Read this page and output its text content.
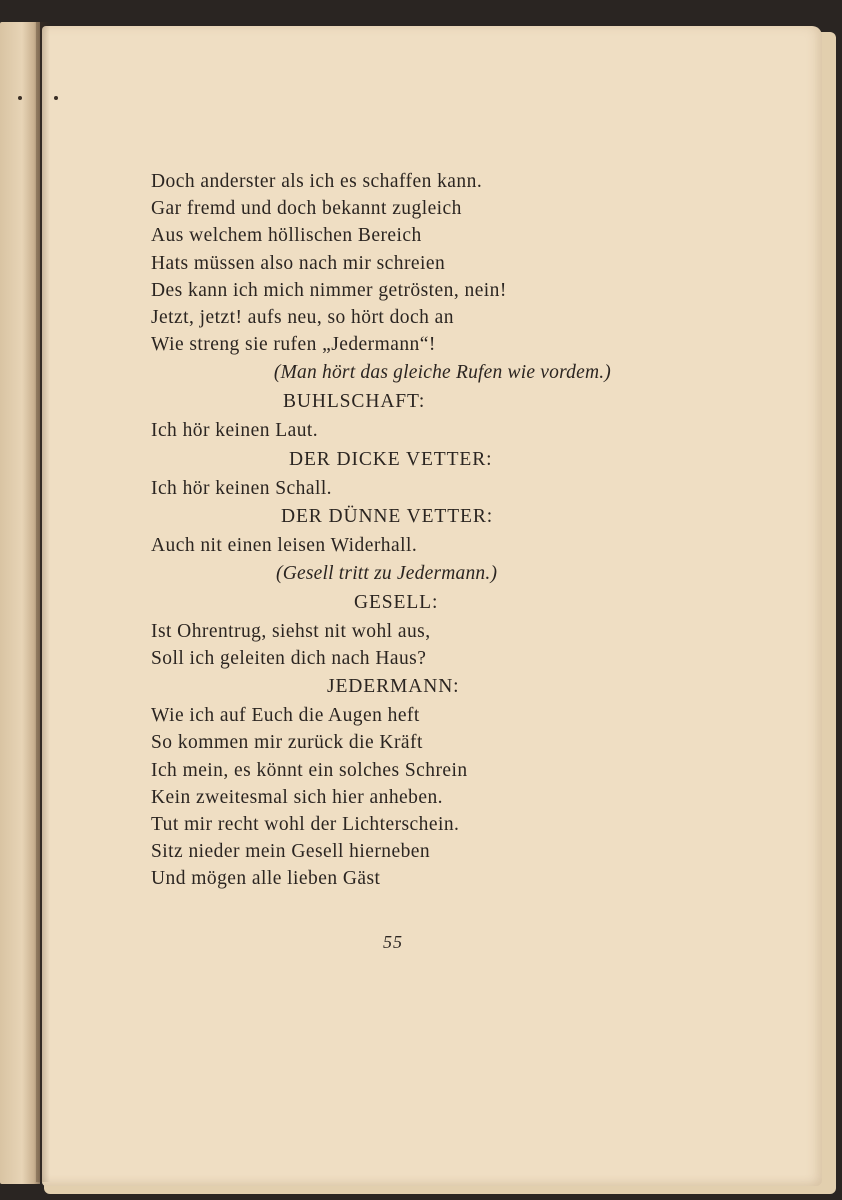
Doch anderster als ich es schaffen kann.
Gar fremd und doch bekannt zugleich
Aus welchem höllischen Bereich
Hats müssen also nach mir schreien
Des kann ich mich nimmer getrösten, nein!
Jetzt, jetzt! aufs neu, so hört doch an
Wie streng sie rufen „Jedermann“!
(Man hört das gleiche Rufen wie vordem.)
BUHLSCHAFT:
Ich hör keinen Laut.
DER DICKE VETTER:
Ich hör keinen Schall.
DER DÜNNE VETTER:
Auch nit einen leisen Widerhall.
(Gesell tritt zu Jedermann.)
GESELL:
Ist Ohrentrug, siehst nit wohl aus,
Soll ich geleiten dich nach Haus?
JEDERMANN:
Wie ich auf Euch die Augen heft
So kommen mir zurück die Kräft
Ich mein, es könnt ein solches Schrein
Kein zweitesmal sich hier anheben.
Tut mir recht wohl der Lichterschein.
Sitz nieder mein Gesell hierneben
Und mögen alle lieben Gäst
55
